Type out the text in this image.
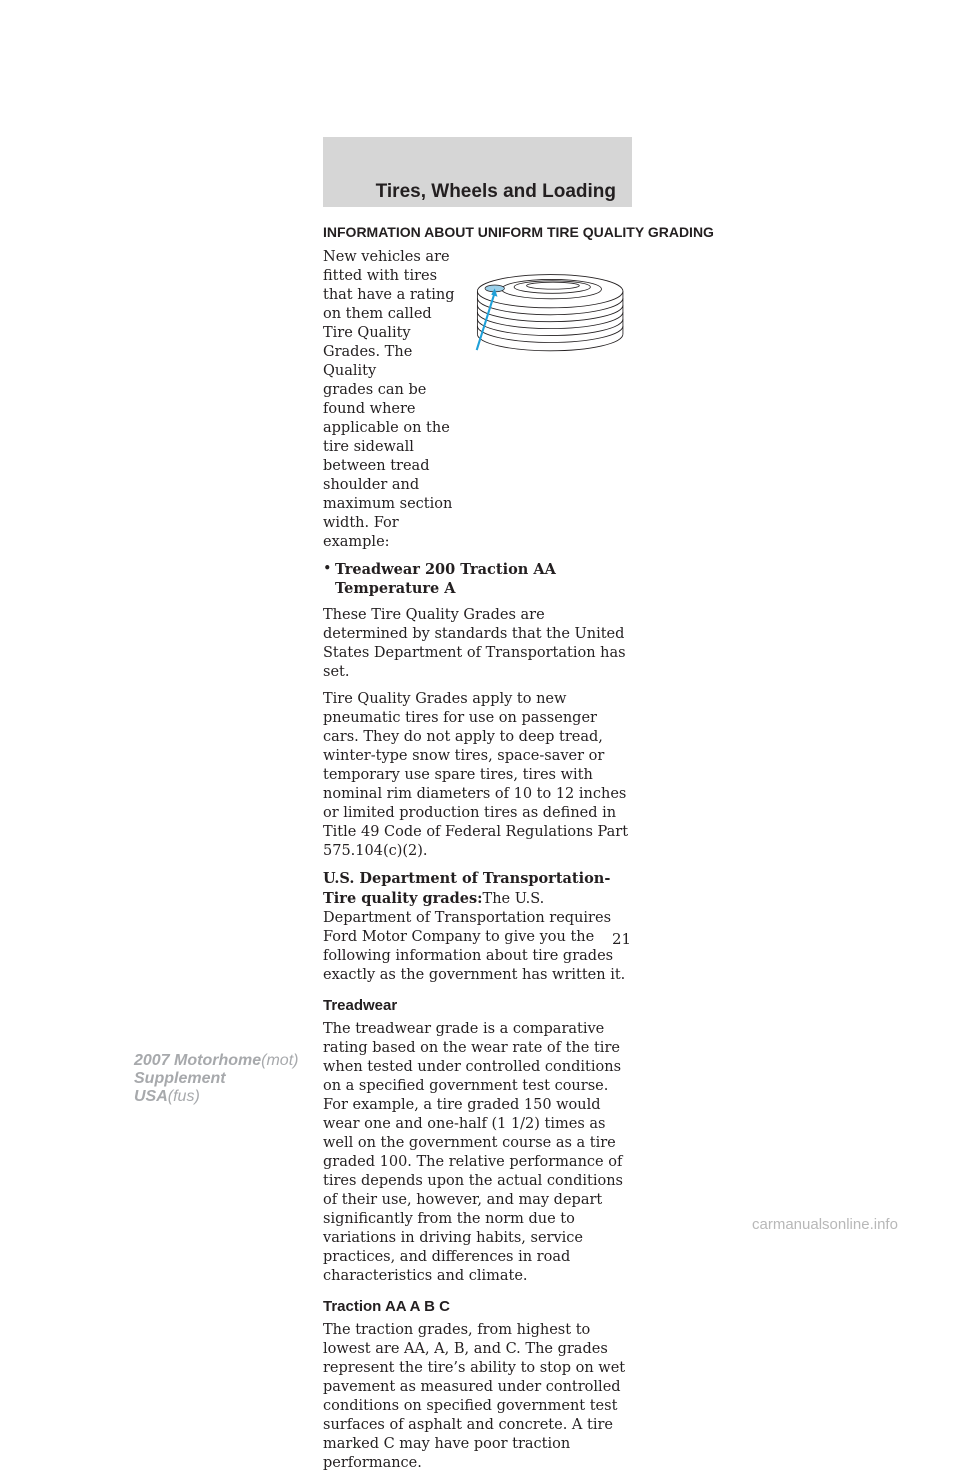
Tires, Wheels and Loading
INFORMATION ABOUT UNIFORM TIRE QUALITY GRADING

New vehicles are fitted with tires

that have a rating on them called

Tire Quality Grades. The Quality

grades can be found where

applicable on the tire sidewall

between tread shoulder and

maximum section width. For

example:

• Treadwear 200 Traction AA Temperature A

These Tire Quality Grades are determined by standards that the United States Department of Transportation has set.

Tire Quality Grades apply to new pneumatic tires for use on passenger cars. They do not apply to deep tread, winter-type snow tires, space-saver or temporary use spare tires, tires with nominal rim diameters of 10 to 12 inches or limited production tires as defined in Title 49 Code of Federal Regulations Part 575.104(c)(2).

U.S. Department of Transportation-Tire quality grades:The U.S. Department of Transportation requires Ford Motor Company to give you the following information about tire grades exactly as the government has written it.

Treadwear

The treadwear grade is a comparative rating based on the wear rate of the tire when tested under controlled conditions on a specified government test course. For example, a tire graded 150 would wear one and one-half (1 1/2) times as well on the government course as a tire graded 100. The relative performance of tires depends upon the actual conditions of their use, however, and may depart significantly from the norm due to variations in driving habits, service practices, and differences in road characteristics and climate.

Traction AA A B C

The traction grades, from highest to lowest are AA, A, B, and C. The grades represent the tire’s ability to stop on wet pavement as measured under controlled conditions on specified government test surfaces of asphalt and concrete. A tire marked C may have poor traction performance.

21

2007 Motorhome(mot)
Supplement
USA(fus)
carmanualsonline.info
